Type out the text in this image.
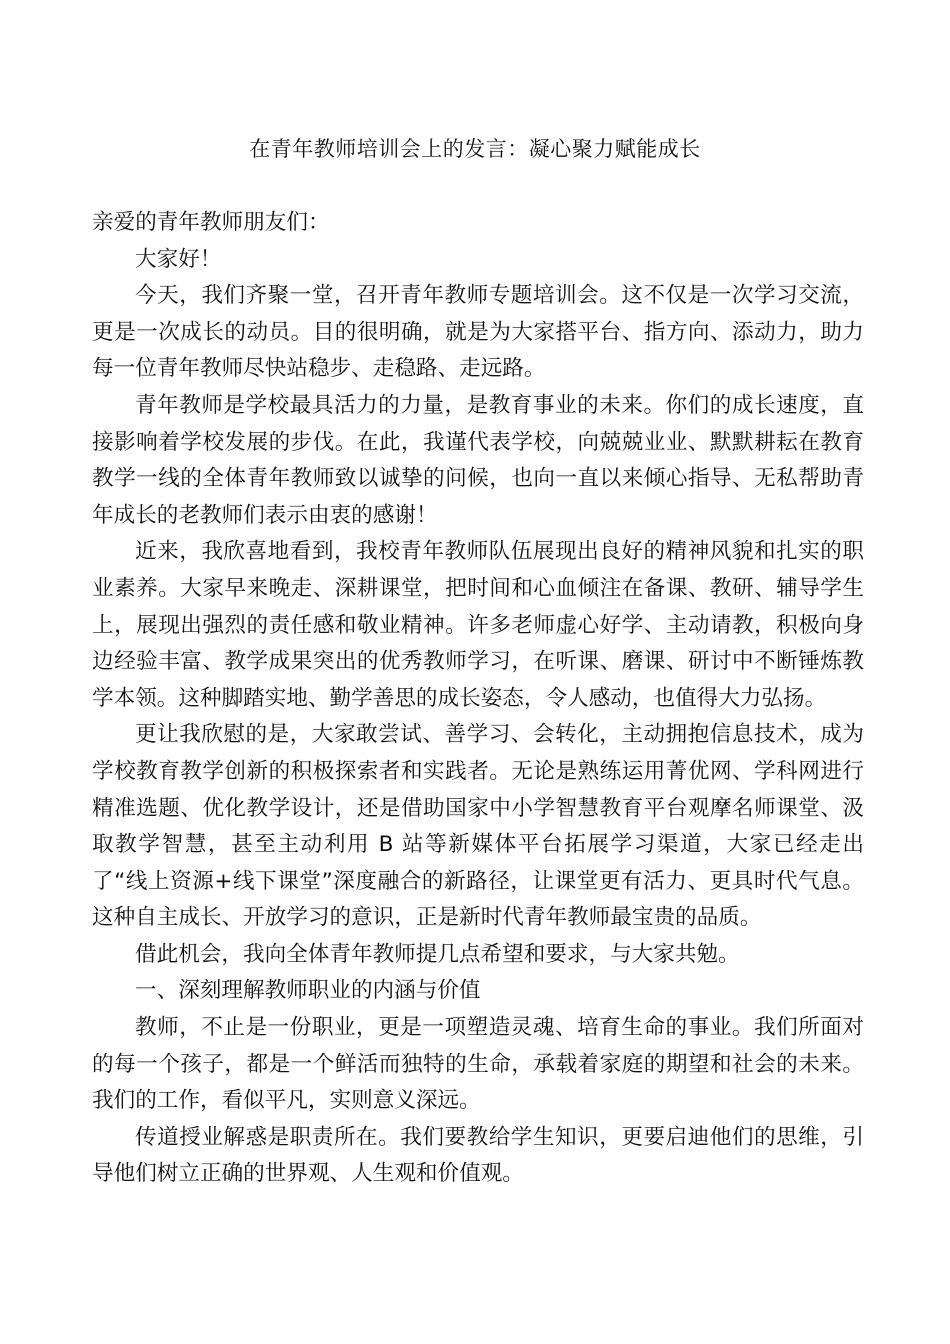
在青年教师培训会上的发言：凝心聚力赋能成长

亲爱的青年教师朋友们：

大家好！

今天，我们齐聚一堂，召开青年教师专题培训会。这不仅是一次学习交流，更是一次成长的动员。目的很明确，就是为大家搭平台、指方向、添动力，助力每一位青年教师尽快站稳步、走稳路、走远路。

青年教师是学校最具活力的力量，是教育事业的未来。你们的成长速度，直接影响着学校发展的步伐。在此，我谨代表学校，向兢兢业业、默默耕耘在教育教学一线的全体青年教师致以诚挚的问候，也向一直以来倾心指导、无私帮助青年成长的老教师们表示由衷的感谢！

近来，我欣喜地看到，我校青年教师队伍展现出良好的精神风貌和扎实的职业素养。大家早来晚走、深耕课堂，把时间和心血倾注在备课、教研、辅导学生上，展现出强烈的责任感和敬业精神。许多老师虚心好学、主动请教，积极向身边经验丰富、教学成果突出的优秀教师学习，在听课、磨课、研讨中不断锤炼教学本领。这种脚踏实地、勤学善思的成长姿态，令人感动，也值得大力弘扬。

更让我欣慰的是，大家敢尝试、善学习、会转化，主动拥抱信息技术，成为学校教育教学创新的积极探索者和实践者。无论是熟练运用菁优网、学科网进行精准选题、优化教学设计，还是借助国家中小学智慧教育平台观摩名师课堂、汲取教学智慧，甚至主动利用 B 站等新媒体平台拓展学习渠道，大家已经走出了“线上资源+线下课堂”深度融合的新路径，让课堂更有活力、更具时代气息。这种自主成长、开放学习的意识，正是新时代青年教师最宝贵的品质。

借此机会，我向全体青年教师提几点希望和要求，与大家共勉。

一、深刻理解教师职业的内涵与价值

教师，不止是一份职业，更是一项塑造灵魂、培育生命的事业。我们所面对的每一个孩子，都是一个鲜活而独特的生命，承载着家庭的期望和社会的未来。我们的工作，看似平凡，实则意义深远。

传道授业解惑是职责所在。我们要教给学生知识，更要启迪他们的思维，引导他们树立正确的世界观、人生观和价值观。
